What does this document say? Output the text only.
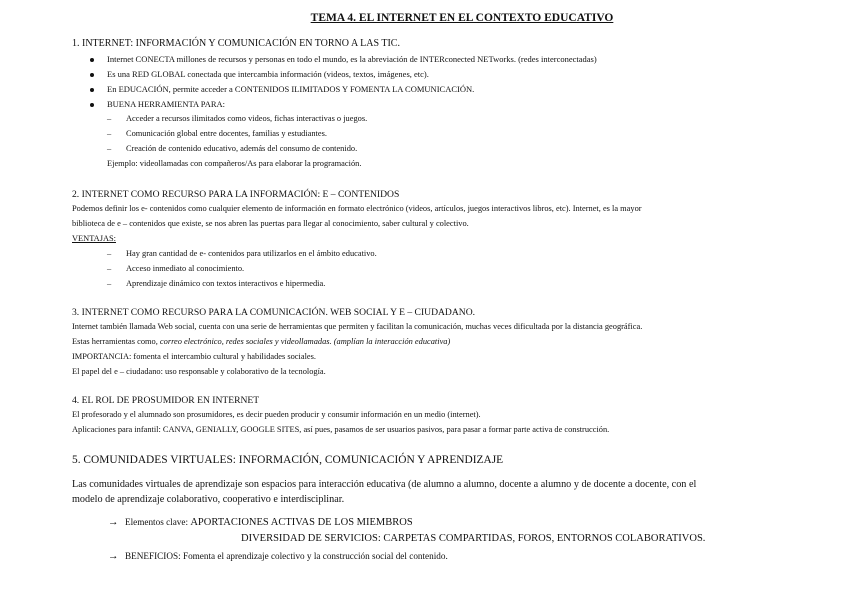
TEMA 4. EL INTERNET EN EL CONTEXTO EDUCATIVO
1. INTERNET: INFORMACIÓN Y COMUNICACIÓN EN TORNO A LAS TIC.
Internet CONECTA millones de recursos y personas en todo el mundo, es la abreviación de INTERconected NETworks. (redes interconectadas)
Es una RED GLOBAL conectada que intercambia información (videos, textos, imágenes, etc).
En EDUCACIÓN, permite acceder a CONTENIDOS ILIMITADOS Y FOMENTA LA COMUNICACIÓN.
BUENA HERRAMIENTA PARA:
– Acceder a recursos ilimitados como videos, fichas interactivas o juegos.
– Comunicación global entre docentes, familias y estudiantes.
– Creación de contenido educativo, además del consumo de contenido.
Ejemplo: videollamadas con compañeros/As para elaborar la programación.
2. INTERNET COMO RECURSO PARA LA INFORMACIÓN: E – CONTENIDOS
Podemos definir los e- contenidos como cualquier elemento de información en formato electrónico (videos, artículos, juegos interactivos libros, etc). Internet, es la mayor
biblioteca de e – contenidos que existe, se nos abren las puertas para llegar al conocimiento, saber cultural y colectivo.
VENTAJAS:
– Hay gran cantidad de e- contenidos para utilizarlos en el ámbito educativo.
– Acceso inmediato al conocimiento.
– Aprendizaje dinámico con textos interactivos e hipermedia.
3. INTERNET COMO RECURSO PARA LA COMUNICACIÓN. WEB SOCIAL Y E – CIUDADANO.
Internet también llamada Web social, cuenta con una serie de herramientas que permiten y facilitan la comunicación, muchas veces dificultada por la distancia geográfica.
Estas herramientas como, correo electrónico, redes sociales y videollamadas. (amplían la interacción educativa)
IMPORTANCIA: fomenta el intercambio cultural y habilidades sociales.
El papel del e – ciudadano: uso responsable y colaborativo de la tecnología.
4. EL ROL DE PROSUMIDOR EN INTERNET
El profesorado y el alumnado son prosumidores, es decir pueden producir y consumir información en un medio (internet).
Aplicaciones para infantil: CANVA, GENIALLY, GOOGLE SITES, así pues, pasamos de ser usuarios pasivos, para pasar a formar parte activa de construcción.
5. COMUNIDADES VIRTUALES: INFORMACIÓN, COMUNICACIÓN Y APRENDIZAJE
Las comunidades virtuales de aprendizaje son espacios para interacción educativa (de alumno a alumno, docente a alumno y de docente a docente, con el
modelo de aprendizaje colaborativo, cooperativo e interdisciplinar.
→ Elementos clave: APORTACIONES ACTIVAS DE LOS MIEMBROS
DIVERSIDAD DE SERVICIOS: CARPETAS COMPARTIDAS, FOROS, ENTORNOS COLABORATIVOS.
→ BENEFICIOS: Fomenta el aprendizaje colectivo y la construcción social del contenido.
